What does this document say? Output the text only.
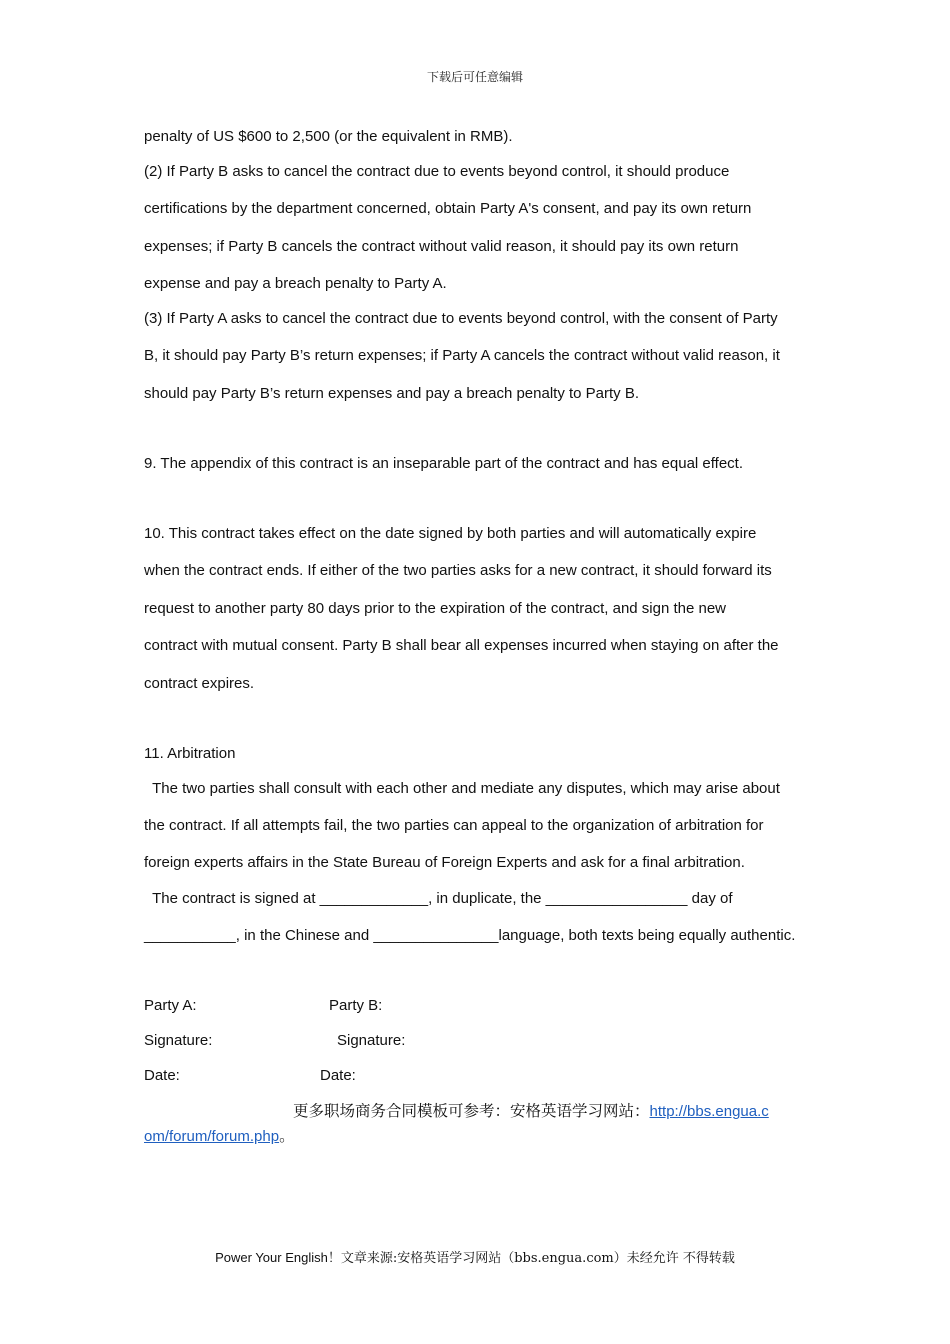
下载后可任意编辑
penalty of US $600 to 2,500 (or the equivalent in RMB).
(2) If Party B asks to cancel the contract due to events beyond control, it should produce
certifications by the department concerned, obtain Party A's consent, and pay its own return
expenses; if Party B cancels the contract without valid reason, it should pay its own return
expense and pay a breach penalty to Party A.
(3) If Party A asks to cancel the contract due to events beyond control, with the consent of Party
B, it should pay Party B’s return expenses; if Party A cancels the contract without valid reason, it
should pay Party B’s return expenses and pay a breach penalty to Party B.
9. The appendix of this contract is an inseparable part of the contract and has equal effect.
10. This contract takes effect on the date signed by both parties and will automatically expire
when the contract ends. If either of the two parties asks for a new contract, it should forward its
request to another party 80 days prior to the expiration of the contract, and sign the new
contract with mutual consent. Party B shall bear all expenses incurred when staying on after the
contract expires.
11. Arbitration
The two parties shall consult with each other and mediate any disputes, which may arise about
the contract. If all attempts fail, the two parties can appeal to the organization of arbitration for
foreign experts affairs in the State Bureau of Foreign Experts and ask for a final arbitration.
The contract is signed at _____________, in duplicate, the _________________ day of
___________, in the Chinese and _______________language, both texts being equally authentic.
Party A:	Party B:
Signature:	Signature:
Date:	Date:
更多职场商务合同模板可参考：安格英语学习网站：http://bbs.engua.c
om/forum/forum.php。
Power Your English！文章来源:安格英语学习网站（bbs.engua.com）未经允许 不得转载
